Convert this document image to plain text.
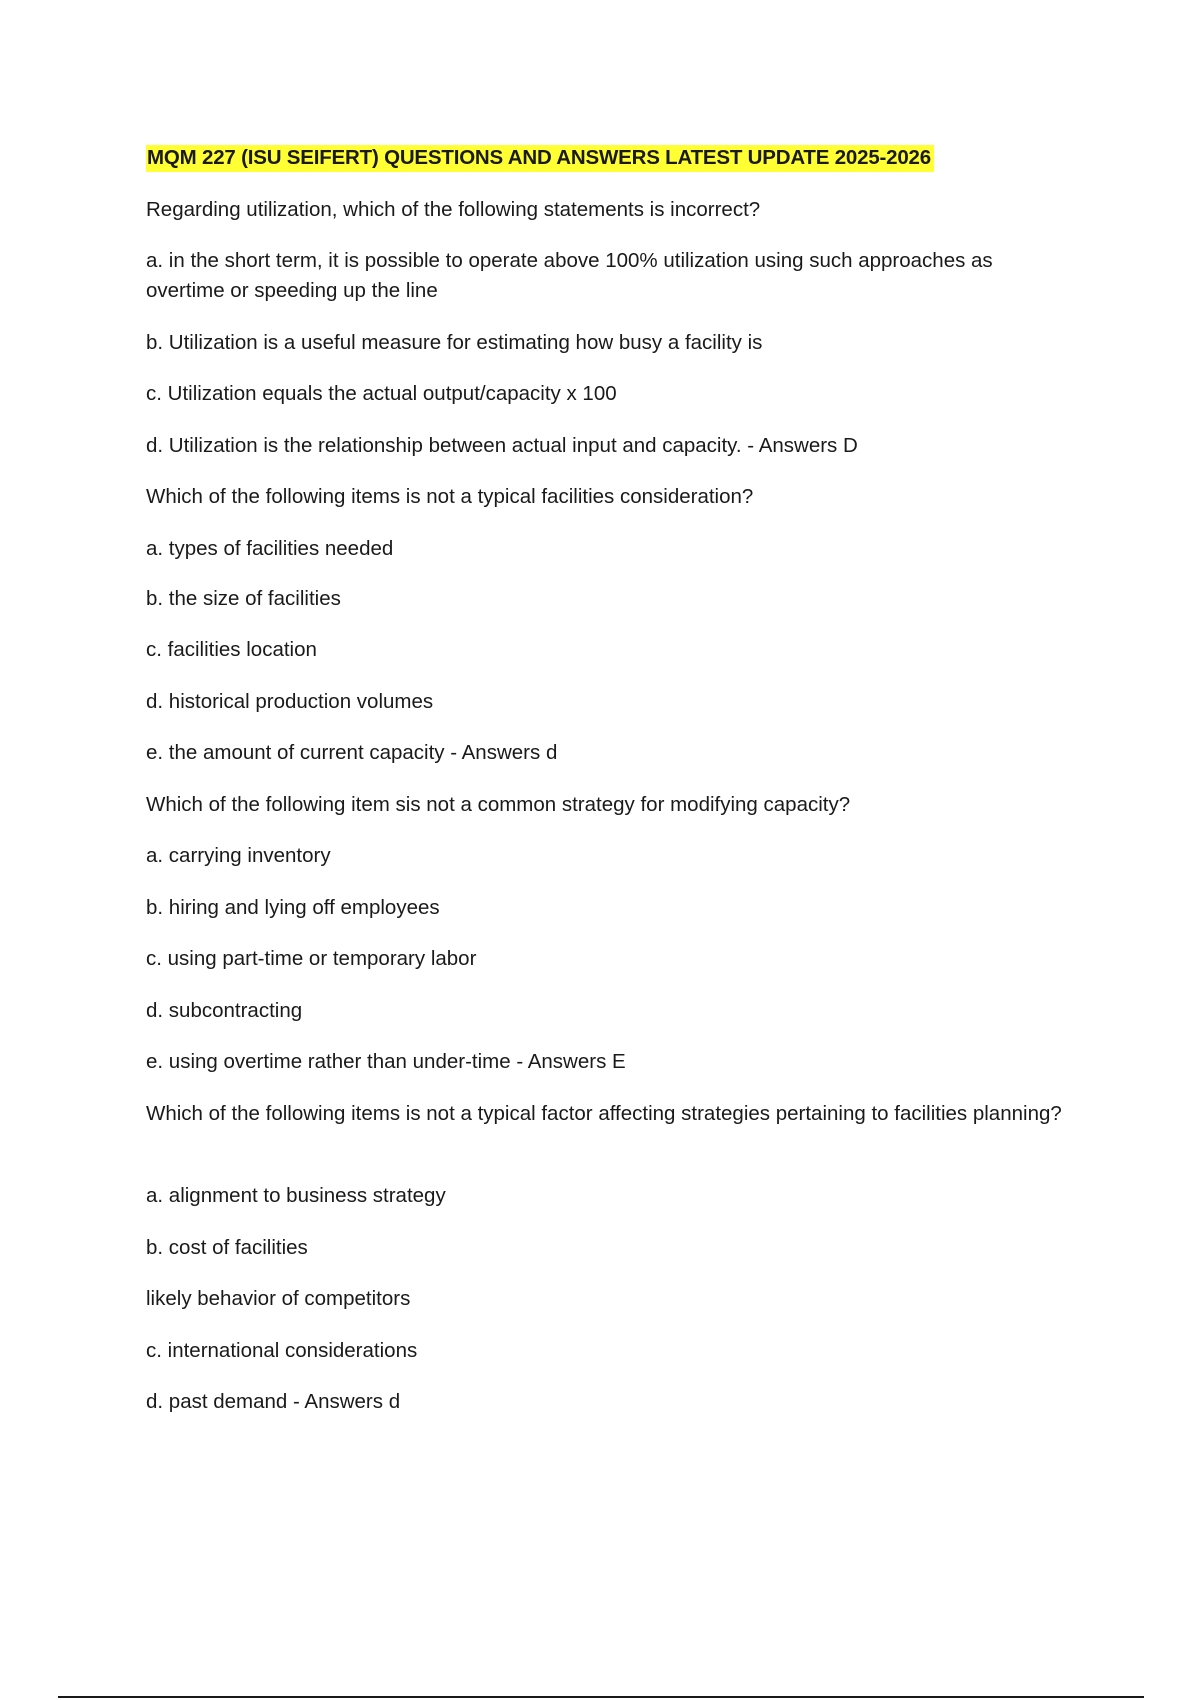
MQM 227 (ISU SEIFERT) QUESTIONS AND ANSWERS LATEST UPDATE 2025-2026
Regarding utilization, which of the following statements is incorrect?
a. in the short term, it is possible to operate above 100% utilization using such approaches as overtime or speeding up the line
b. Utilization is a useful measure for estimating how busy a facility is
c. Utilization equals the actual output/capacity x 100
d. Utilization is the relationship between actual input and capacity. - Answers D
Which of the following items is not a typical facilities consideration?
a. types of facilities needed
b. the size of facilities
c. facilities location
d. historical production volumes
e. the amount of current capacity - Answers d
Which of the following item sis not a common strategy for modifying capacity?
a. carrying inventory
b. hiring and lying off employees
c. using part-time or temporary labor
d. subcontracting
e. using overtime rather than under-time - Answers E
Which of the following items is not a typical factor affecting strategies pertaining to facilities planning?
a. alignment to business strategy
b. cost of facilities
likely behavior of competitors
c. international considerations
d. past demand - Answers d
